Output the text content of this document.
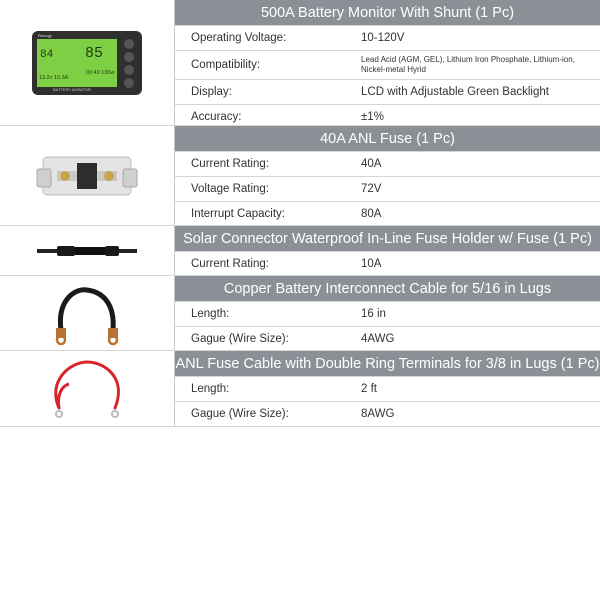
Renogy
84 85
13.2v 10.3A
09:49 136w
BATTERY MONITOR
500A Battery Monitor With Shunt (1 Pc)
Operating Voltage:	10-120V
Compatibility:	Lead Acid (AGM, GEL), Lithium Iron Phosphate, Lithium-ion, Nickel-metal Hyrid
Display:	LCD with Adjustable Green Backlight
Accuracy:	±1%
40A ANL Fuse (1 Pc)
Current Rating:	40A
Voltage Rating:	72V
Interrupt Capacity:	80A
Solar Connector Waterproof In-Line Fuse Holder w/ Fuse (1 Pc)
Current Rating:	10A
Copper Battery Interconnect Cable for 5/16 in Lugs
Length:	16 in
Gague (Wire Size):	4AWG
ANL Fuse Cable with Double Ring Terminals for 3/8 in Lugs (1 Pc)
Length:	2 ft
Gague (Wire Size):	8AWG
